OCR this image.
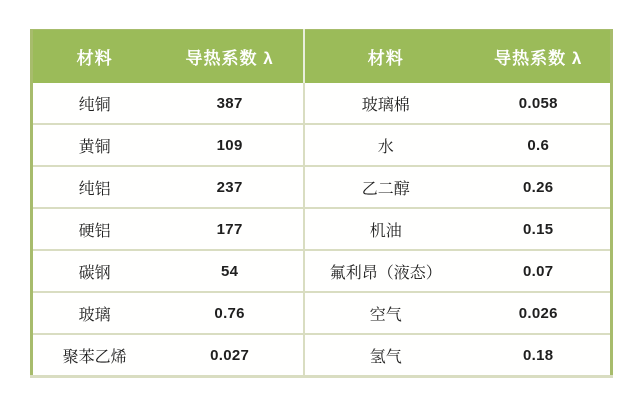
材料	导热系数 λ	材料	导热系数 λ
纯铜	387	玻璃棉	0.058
黄铜	109	水	0.6
纯铝	237	乙二醇	0.26
硬铝	177	机油	0.15
碳钢	54	氟利昂（液态）	0.07
玻璃	0.76	空气	0.026
聚苯乙烯	0.027	氢气	0.18
